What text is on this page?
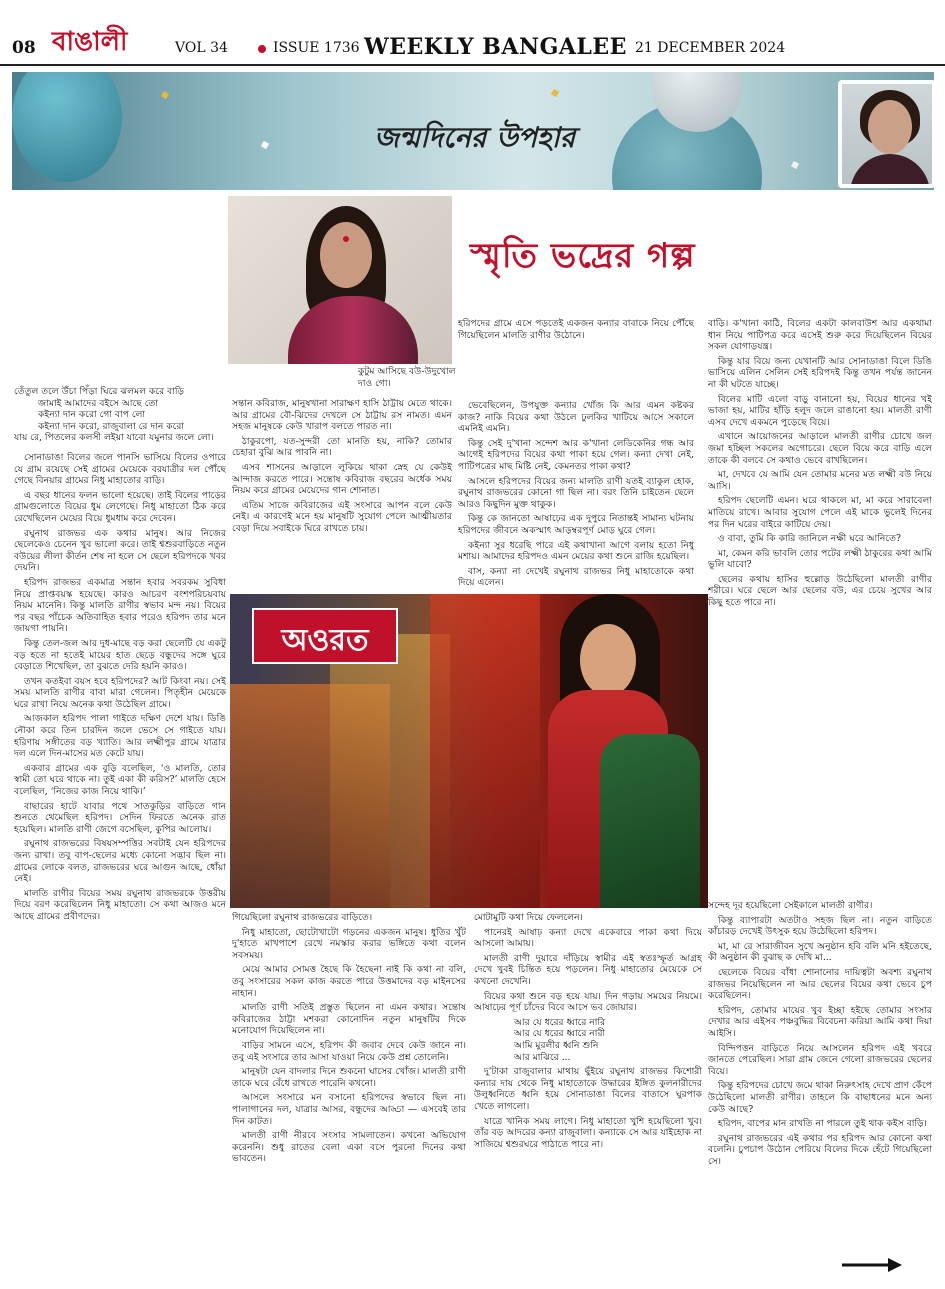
08 বাঙালী	VOL 34	ISSUE 1736 WEEKLY BANGALEE 21 DECEMBER 2024
জন্মদিনের উপহার
স্মৃতি ভদ্রের গল্প
তেঁতুল তলে উঁচা পিঁড়া ঘিরে ঝলমল করে বাড়ি
জামাই আমাদের বইসে আছে তো
কইন্যা দান করো গো বাপ লো
কইন্যা দান করো, রাজুবালা রে দান করো
যায় রে, পিতলের কলসী লইয়া যাবো যমুনার জলে লো।

সোনাডাঙা বিলের জলে পানসি ভাসিয়ে বিলের ওপারে যে গ্রাম রয়েছে সেই গ্রামের মেয়েকে বরযাত্রীর দল পৌঁছে গেছে বিনয়ার গ্রামের নিধু মাহাতোর বাড়ি।

এ বছর ধানের ফলন ভালো হয়েছে। তাই বিলের পাড়ের গ্রামগুলোতে বিয়ের ধুম লেগেছে। নিধু মাহাতো ঠিক করে রেখেছিলেন মেয়ের বিয়ে ধুমধাম করে দেবেন।

রঘুনাথ রাজভর এক কথার মানুষ। আর নিজের ছেলেকেও চেনেন খুব ভালো করে। তাই শ্বশুরবাড়িতে নতুন বউয়ের লীলা কীর্তন শেষ না হলে সে ছেলে হরিপদকে খবর দেয়নি।

হরিপদ রাজভর একমাত্র সন্তান হবার সবরকম সুবিধা নিয়ে প্রাপ্তবয়স্ক হয়েছে। কারও আচরণ বংশপরিচয়বায় নিয়ম মানেনি। কিন্তু মালতি রাণীর স্বভাব মন্দ নয়। বিয়ের পর বছর পাঁচেক অতিবাহিত হবার পরেও হরিপদ তার মনে জায়গা পায়নি।

কিন্তু তেল-জল আর দুধ-মাছে বড় করা ছেলেটি যে একটু বড় হতে না হতেই মায়ের হাত ছেড়ে বন্ধুদের সঙ্গে ঘুরে বেড়াতে শিখেছিল, তা বুঝতে দেরি হয়নি কারও।

তখন কতইবা বয়স হবে হরিপদের? আট কিংবা নয়। সেই সময় মালতি রাণীর বাবা মারা গেলেন। পিতৃহীন মেয়েকে ঘরে রাখা নিয়ে অনেক কথা উঠেছিল গ্রামে।

আজকাল হরিপদ পালা গাইতে দক্ষিণ দেশে যায়। ডিঙি নৌকা করে তিন চারদিন জলে ভেসে সে গাইতে যায়। হরিণায় সঙ্গীতের বড় খ্যাতি। আর লক্ষ্মীপুর গ্রামে যাত্রার দল এলে দিন-মাসের মত কেটে যায়।

একবার গ্রামের এক বুড়ি বলেছিল, ‘ও মালতি, তোর স্বামী তো ঘরে থাকে না। তুই একা কী করিস?’ মালতি হেসে বলেছিল, ‘নিজের কাজ নিয়ে থাকি।’

বাছারের হাটে যাবার পথে সাতকুড়ির বাড়িতে গান শুনতে থেমেছিল হরিপদ। সেদিন ফিরতে অনেক রাত হয়েছিল। মালতি রাণী জেগে বসেছিল, কুপির আলোয়।

রঘুনাথ রাজভরের বিষয়সম্পত্তির সবটাই যেন হরিপদের জন্য রাখা। তবু বাপ-ছেলের মধ্যে কোনো সদ্ভাব ছিল না। গ্রামের লোকে বলত, রাজভরের ঘরে আগুন আছে, ধোঁয়া নেই।

মালতি রাণীর বিয়ের সময় রঘুনাথ রাজভরকে উত্তরীয় দিয়ে বরণ করেছিলেন নিধু মাহাতো। সে কথা আজও মনে আছে গ্রামের প্রবীণদের।

কুটুম আসিছে বউ-উদুখোল দাও গো।

সন্তান কবিরাজ, মানুষখানা সারাক্ষণ হাসি ঠাট্টায় মেতে থাকে। আর গ্রামের বৌ-ঝিদের দেখলে সে ঠাট্টায় রস নামত। এমন সহজ মানুষকে কেউ খারাপ বলতে পারত না।

ঠাকুরপো, যত-সুন্দরী তো মানতি হয়, নাকি? তোমার চেহারা বুঝি আর পাবনি না।

এসব শাসনের আড়ালে লুকিয়ে থাকা স্নেহ যে কেউই আন্দাজ করতে পারে। সন্তোষ কবিরাজ বছরের অর্ধেক সময় নিয়ম করে গ্রামের মেয়েদের গান শোনাত।

এতিম সাজে কবিরাজের এই সংসারে আপন বলে কেউ নেই। এ কারণেই মনে হয় মানুষটি সুযোগ পেলে আত্মীয়তার বেড়া দিয়ে সবাইকে ঘিরে রাখতে চায়।

হরিপদের গ্রামে এসে পড়তেই একজন কন্যার বাবাকে নিয়ে পৌঁছে গিয়েছিলেন মালতি রাণীর উঠোনে।

ভেবেছিলেন, উপযুক্ত কন্যার খোঁজ কি আর এমন কষ্টকর কাজ? নাকি বিয়ের কথা উঠলে ঢুলকির খাটিয়ে আসে সকালে এমনিই এমনি।

কিন্তু সেই দু'খানা সন্দেশ আর ক'খানা লেডিকেনির গন্ধ আর আগেই হরিপদের বিয়ের কথা পাকা হয়ে গেল। কন্যা দেখা নেই, পাটিপত্রের মাছ মিষ্টি নেই, কেমনতর পাকা কথা?

আসলে হরিপদের বিয়ের জন্য মালতি রাণী যতই ব্যাকুল হোক, রঘুনাথ রাজভরের কোনো গা ছিল না। বরং তিনি চাইতেন ছেলে আরও কিছুদিন মুক্ত থাকুক।

কিন্তু কে জানতো আষাঢ়ের এক দুপুরে নিতান্তই সামান্য ঘটনায় হরিপদের জীবনে অকস্মাৎ আড়ম্বরপূর্ণ মোড় ঘুরে গেল।

কইন্যা সুর ধরেছি পারে এই কথাখানা আগে বলায় হতো নিধু মশায়। আমাদের হরিপদও এমন মেয়ের কথা শুনে রাজি হয়েছিল।

বাস, কন্যা না দেখেই রঘুনাথ রাজভর নিধু মাহাতোকে কথা দিয়ে এলেন।

বাড়ি। ক'খানা কাঠি, বিলের একটা কালবাউশ আর একথামা ধান নিয়ে পাটিপত্র করে এসেই শুরু করে দিয়েছিলেন বিয়ের সকল যোগাড়যন্ত্র।

কিন্তু যার বিয়ে জন্য যেখানটি আর সোনাডাঙা বিলে ডিঙি ভাসিয়ে এলিন সেলিন সেই হরিপদই কিন্তু তখন পর্যন্ত জানেন না কী ঘটতে যাচ্ছে।

বিলের মাটি এলো বাড়ু বানানো হয়, বিয়ের ধানের খই ভাজা হয়, মাটির হাঁড়ি হলুদ জলে রাঙানো হয়। মালতী রাণী এসব দেখে একমনে পুড়েছে বিয়ে।

এখানে আয়োজনের আড়ালে মালতী রাণীর চোখে জল জমা হচ্ছিল সকলের অগোচরে। ছেলে বিয়ে করে বাড়ি এলে তাকে কী বলবে সে কথাও ভেবে রাখছিলেন।

মা, দেখবে যে আমি যেন তোমার মনের মত লক্ষ্মী বউ নিয়ে আসি।

হরিপদ ছেলেটি এমন। ঘরে থাকলে মা, মা করে সারাবেলা মাতিয়ে রাখে। আবার সুযোগ পেলে এই মাকে ভুলেই দিনের পর দিন ঘরের বাইরে কাটিয়ে দেয়।

ও বাবা, তুমি কি কারি জানিলে নক্ষী ঘরে আনিতে?

মা, কেমন করি ভাবলি তোর পটের লক্ষ্মী ঠাকুরের কথা আমি ভুলি যাবো?

ছেলের কথায় হাসির হুল্লোড় উঠেছিলো মালতী রাণীর শরীরে। ঘরে ছেলে আর ছেলের বউ, এর চেয়ে সুখের আর কিছু হতে পারে না।

অওরত

গিয়েছিলো রঘুনাথ রাজভরের বাড়িতে।

নিধু মাহাতো, ছোটোখাটো গড়নের একজন মানুষ। ধুতির খুঁট দু'হাতে মাখপাশে রেখে নমস্কার করার ভঙ্গিতে কথা বলেন সবসময়।

মেয়ে আমার সোমত্ত হৈছে কি হৈছেনা নাই কি কথা না বলি, তবু সংসারের সকল কাজ করতে পারে উত্তমাদের বড় মাইনসের নাহান।

মালতি রাণী সতিই প্রস্তুত ছিলেন না এমন কথার। সন্তোষ কবিরাজের ঠাট্টা মশকরা কোনোদিন নতুন মানুষটির দিকে মনোযোগ দিয়েছিলেন না।

বাড়ির সামনে এসে, হরিপদ কী জবাব দেবে কেউ জানে না। তবু এই সংসারে তার আসা যাওয়া নিয়ে কেউ প্রশ্ন তোলেনি।

মানুষটা যেন বাদলার দিনে শুকনো ঘাসের খোঁজ। মালতী রাণী তাকে ঘরে বেঁধে রাখতে পারেনি কখনো।

আসলে সংসারে মন বসানো হরিপদের স্বভাবে ছিল না। পালাগানের দল, যাত্রার আসর, বন্ধুদের আড্ডা — এসবেই তার দিন কাটত।

মালতী রাণী নীরবে সংসার সামলাতেন। কখনো অভিযোগ করেননি। শুধু রাতের বেলা একা বসে পুরনো দিনের কথা ভাবতেন।

মোটামুটি কথা দিয়ে ফেললেন।

পানেরই আষাঢ় কন্যা দেখে একেবারে পাকা কথা দিয়ে আসলো আমায়।

মালতী রাণী দুয়ারে দাঁড়িয়ে স্বামীর এই স্বতঃস্ফূর্ত আগ্রহ দেখে খুবই চিন্তিত হয়ে পড়লেন। নিধু মাহাতোর মেয়েকে সে কখনো দেখেনি।

বিয়ের কথা শুনে বড় হয়ে যায়। দিন গড়ায় সময়ের নিয়মে। আষাঢ়ের পূর্ণ চাঁদের বিবে আসে ভব জোয়ার।

আর যে ধরের ধ্বারে নারি
আর যে ধরের ধ্বারে নারী
আমি মুরলীর ধ্বনি শুনি
আর মাঝিরে ...

দু'টাকা রাজুবালার মাথায় ছুঁইয়ে রঘুনাথ রাজভর কিশোরী কন্যার দায় থেকে নিধু মাহাতোকে উদ্ধারের ইঙ্গিত কুলনারীদের উলুধ্বনিতে ধ্বনি হয়ে সোনাডাঙা বিলের বাতাসে ঘুরপাক খেতে লাগলো।

যাত্রে খানিক সময় লাগে। নিধু মাহাতো খুশি হয়েছিলো খুব। তাঁর বড় আদরের কন্যা রাজুবালা। কন্যাকে সে আর যাইহোক না সাজিয়ে শ্বশুরঘরে পাঠাতে পারে না।

সন্দেহ দূর হয়েছিলো সেইকালে মালতী রাণীর।

কিন্তু ব্যাপারটা অতটাও সহজ ছিল না। নতুন বাড়িতে কাঁচারড় দেখেই উৎসুক হয়ে উঠেছিলো হরিপদ।

মা, মা রে সারাজীবন সুখে অনুষ্ঠান হবি বলি মনি হইতেছে, কী অনুষ্ঠান কী বুঝাছ ক দেখি মা...

ছেলেকে বিয়ের বাঁধা শোনানোর দায়িত্বটা অবশ্য রঘুনাথ রাজভর নিয়েছিলেন না আর ছেলের বিয়ের কথা ভেবে চুপ করেছিলেন।

হরিপদ, তোমার মায়ের খুব ইচ্ছা হইছে তোমার সংসার দেখার আর এইসব পঞ্চবুদ্ধির বিবেচনা করিয়া আমি কথা দিয়া আইসি।

বিন্দিপত্তন বাড়িতে নিয়ে আসলেন হরিপদ এই খবরে জানতে পেরেছিল। সারা গ্রাম জেনে গেলো রাজভরের ছেলের বিয়ে।

কিন্তু হরিপদের চোখে জমে থাকা নিরুৎসাহ দেখে প্রাণ কেঁপে উঠেছিলো মালতী রাণীর। তাহলে কি বাছাধনের মনে অন্য কেউ আছে?

হরিপদ, বাপের মান রাখতি না পারলে তুই থাক কইস বাড়ি।

রঘুনাথ রাজভরের এই কথার পর হরিপদ আর কোনো কথা বলেনি। চুপচাপ উঠোন পেরিয়ে বিলের দিকে হেঁটে গিয়েছিলো সে।
